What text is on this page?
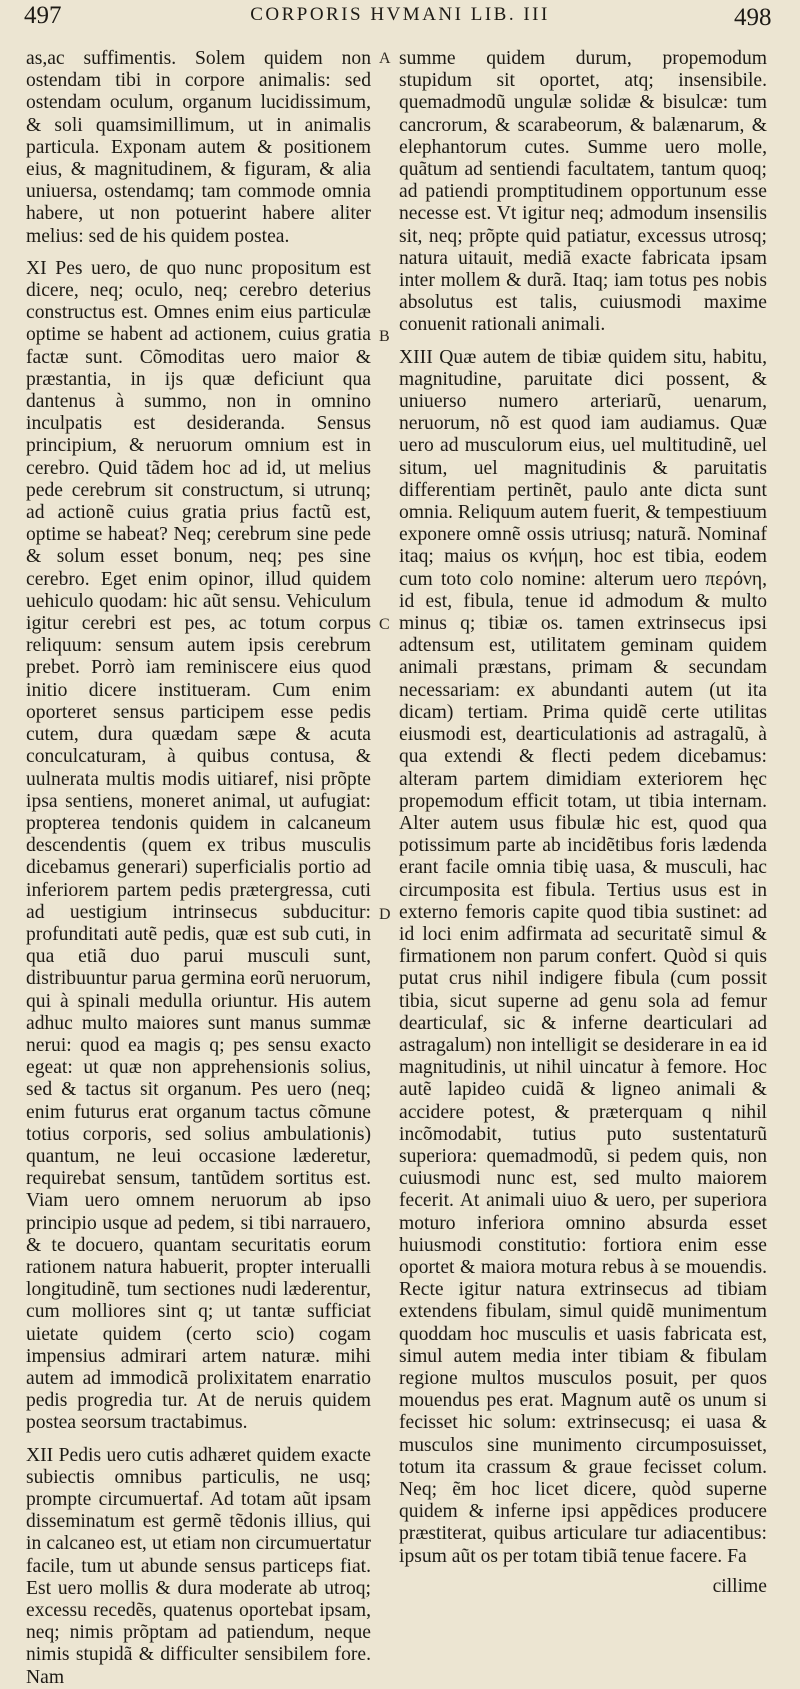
497	CORPORIS HVMANI LIB. III	498

as,ac suffimentis. Solem quidem non ostendam tibi in corpore animalis: sed ostendam oculum, organum lucidissimum, & soli quamsimillimum, ut in animalis particula. Exponam autem & positionem eius, & magnitudinem, & figuram, & alia uniuersa, ostendamq; tam commode omnia habere, ut non potuerint habere aliter melius: sed de his quidem postea.

XI Pes uero, de quo nunc propositum est dicere, neq; oculo, neq; cerebro deterius constructus est. Omnes enim eius particulæ optime se habent ad actionem, cuius gratia factæ sunt. Cõmoditas uero maior & præstantia, in ijs quæ deficiunt qua dantenus à summo, non in omnino inculpatis est desideranda. Sensus principium, & neruorum omnium est in cerebro. Quid tãdem hoc ad id, ut melius pede cerebrum sit constructum, si utrunq; ad actionẽ cuius gratia prius factũ est, optime se habeat? Neq; cerebrum sine pede & solum esset bonum, neq; pes sine cerebro. Eget enim opinor, illud quidem uehiculo quodam: hic aũt sensu. Vehiculum igitur cerebri est pes, ac totum corpus reliquum: sensum autem ipsis cerebrum prebet. Porrò iam reminiscere eius quod initio dicere institueram. Cum enim oporteret sensus participem esse pedis cutem, dura quædam sæpe & acuta conculcaturam, à quibus contusa, & uulnerata multis modis uitiaref, nisi prõpte ipsa sentiens, moneret animal, ut aufugiat: propterea tendonis quidem in calcaneum descendentis (quem ex tribus musculis dicebamus generari) superficialis portio ad inferiorem partem pedis prætergressa, cuti ad uestigium intrinsecus subducitur: profunditati autẽ pedis, quæ est sub cuti, in qua etiã duo parui musculi sunt, distribuuntur parua germina eorũ neruorum, qui à spinali medulla oriuntur. His autem adhuc multo maiores sunt manus summæ nerui: quod ea magis q; pes sensu exacto egeat: ut quæ non apprehensionis solius, sed & tactus sit organum. Pes uero (neq; enim futurus erat organum tactus cõmune totius corporis, sed solius ambulationis) quantum, ne leui occasione læderetur, requirebat sensum, tantũdem sortitus est. Viam uero omnem neruorum ab ipso principio usque ad pedem, si tibi narrauero, & te docuero, quantam securitatis eorum rationem natura habuerit, propter interualli longitudinẽ, tum sectiones nudi læderentur, cum molliores sint q; ut tantæ sufficiat uietate quidem (certo scio) cogam impensius admirari artem naturæ. mihi autem ad immodicã prolixitatem enarratio pedis progredia tur. At de neruis quidem postea seorsum tractabimus.

XII Pedis uero cutis adhæret quidem exacte subiectis omnibus particulis, ne usq; prompte circumuertaf. Ad totam aũt ipsam disseminatum est germẽ tẽdonis illius, qui in calcaneo est, ut etiam non circumuertatur facile, tum ut abunde sensus particeps fiat. Est uero mollis & dura moderate ab utroq; excessu recedẽs, quatenus oportebat ipsam, neq; nimis prõptam ad patiendum, neque nimis stupidã & difficulter sensibilem fore. Nam

A
B
C
D

summe quidem durum, propemodum stupidum sit oportet, atq; insensibile. quemadmodũ ungulæ solidæ & bisulcæ: tum cancrorum, & scarabeorum, & balænarum, & elephantorum cutes. Summe uero molle, quãtum ad sentiendi facultatem, tantum quoq; ad patiendi promptitudinem opportunum esse necesse est. Vt igitur neq; admodum insensilis sit, neq; prõpte quid patiatur, excessus utrosq; natura uitauit, mediã exacte fabricata ipsam inter mollem & durã. Itaq; iam totus pes nobis absolutus est talis, cuiusmodi maxime conuenit rationali animali.

XIII Quæ autem de tibiæ quidem situ, habitu, magnitudine, paruitate dici possent, & uniuerso numero arteriarũ, uenarum, neruorum, nõ est quod iam audiamus. Quæ uero ad musculorum eius, uel multitudinẽ, uel situm, uel magnitudinis & paruitatis differentiam pertinẽt, paulo ante dicta sunt omnia. Reliquum autem fuerit, & tempestiuum exponere omnẽ ossis utriusq; naturã. Nominaf itaq; maius os κνήμη, hoc est tibia, eodem cum toto colo nomine: alterum uero περόνη, id est, fibula, tenue id admodum & multo minus q; tibiæ os. tamen extrinsecus ipsi adtensum est, utilitatem geminam quidem animali præstans, primam & secundam necessariam: ex abundanti autem (ut ita dicam) tertiam. Prima quidẽ certe utilitas eiusmodi est, dearticulationis ad astragalũ, à qua extendi & flecti pedem dicebamus: alteram partem dimidiam exteriorem hęc propemodum efficit totam, ut tibia internam. Alter autem usus fibulæ hic est, quod qua potissimum parte ab incidẽtibus foris lædenda erant facile omnia tibię uasa, & musculi, hac circumposita est fibula. Tertius usus est in externo femoris capite quod tibia sustinet: ad id loci enim adfirmata ad securitatẽ simul & firmationem non parum confert. Quòd si quis putat crus nihil indigere fibula (cum possit tibia, sicut superne ad genu sola ad femur dearticulaf, sic & inferne dearticulari ad astragalum) non intelligit se desiderare in ea id magnitudinis, ut nihil uincatur à femore. Hoc autẽ lapideo cuidã & ligneo animali & accidere potest, & præterquam q nihil incõmodabit, tutius puto sustentaturũ superiora: quemadmodũ, si pedem quis, non cuiusmodi nunc est, sed multo maiorem fecerit. At animali uiuo & uero, per superiora moturo inferiora omnino absurda esset huiusmodi constitutio: fortiora enim esse oportet & maiora motura rebus à se mouendis. Recte igitur natura extrinsecus ad tibiam extendens fibulam, simul quidẽ munimentum quoddam hoc musculis et uasis fabricata est, simul autem media inter tibiam & fibulam regione multos musculos posuit, per quos mouendus pes erat. Magnum autẽ os unum si fecisset hic solum: extrinsecusq; ei uasa & musculos sine munimento circumposuisset, totum ita crassum & graue fecisset colum. Neq; ẽm hoc licet dicere, quòd superne quidem & inferne ipsi appẽdices producere præstiterat, quibus articulare tur adiacentibus: ipsum aũt os per totam tibiã tenue facere. Fa

cillime
